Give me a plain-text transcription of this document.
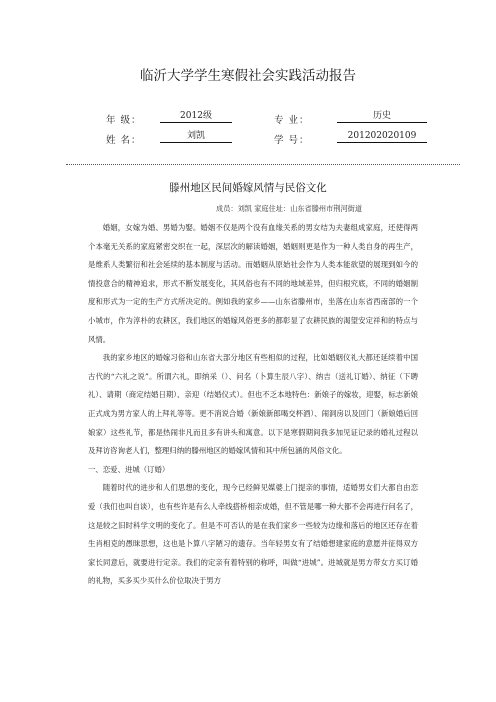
临沂大学学生寒假社会实践活动报告
年 级：	2012级	专 业：	历史
姓 名：	刘凯	学 号：	201202020109
滕州地区民间婚嫁风情与民俗文化
成员：刘凯 家庭住址：山东省滕州市荆河街道

婚姻，女嫁为婚、男婚为娶。婚姻不仅是两个没有血缘关系的男女结为夫妻组成家庭，还使得两个本毫无关系的家庭紧密交织在一起，深层次的解读婚姻，婚姻则更是作为一种人类自身的再生产，是维系人类繁衍和社会延续的基本制度与活动。而婚姻从原始社会作为人类本能欲望的展现到如今的情投意合的精神追求，形式不断发展变化，其风俗也有不同的地域差异，但归根究底，不同的婚姻制度和形式为一定的生产方式所决定的。例如我的家乡——山东省滕州市，坐落在山东省西南部的一个小城市，作为淳朴的农耕区，我们地区的婚嫁风俗更多的都彰显了农耕民族的渴望安定祥和的特点与风情。

我的家乡地区的婚嫁习俗和山东省大部分地区有些相似的过程，比如婚姻仪礼大都还延续着中国古代的“六礼之说”。所谓六礼，即纳采（）、问名（卜算生辰八字）、纳吉（送礼订婚）、纳征（下聘礼）、请期（商定结婚日期）、亲迎（结婚仪式）。但也不乏本地特色：新娘子的嫁妆，迎娶，标志新娘正式成为男方家人的上拜礼等等。更不消说合婚（新娘新郎喝交杯酒）、闹洞房以及回门（新娘婚后回娘家）这些礼节，都是热闹非凡而且多有讲头和寓意。以下是寒假期间我多加见证记录的婚礼过程以及拜访咨询老人们，整理归纳的滕州地区的婚嫁风情和其中所包涵的风俗文化。

一、恋爱、进城（订婚）

随着时代的进步和人们思想的变化，现今已经鲜见媒婆上门提亲的事情，适婚男女们大都自由恋爱（我们也叫自谈），也有些许是有么人牵线搭桥相亲成婚，但不管是哪一种大都不会再进行问名了，这是较之旧时科学文明的变化了。但是不可否认的是在我们家乡一些较为边缘和落后的地区还存在着生肖相克的愚昧思想，这也是卜算八字陋习的遗存。当年轻男女有了结婚想建家庭的意愿并征得双方家长同意后，就要进行定亲。我们的定亲有着特别的称呼，叫做“进城”。进城就是男方带女方买订婚的礼物，买多买少买什么价位取决于男方
